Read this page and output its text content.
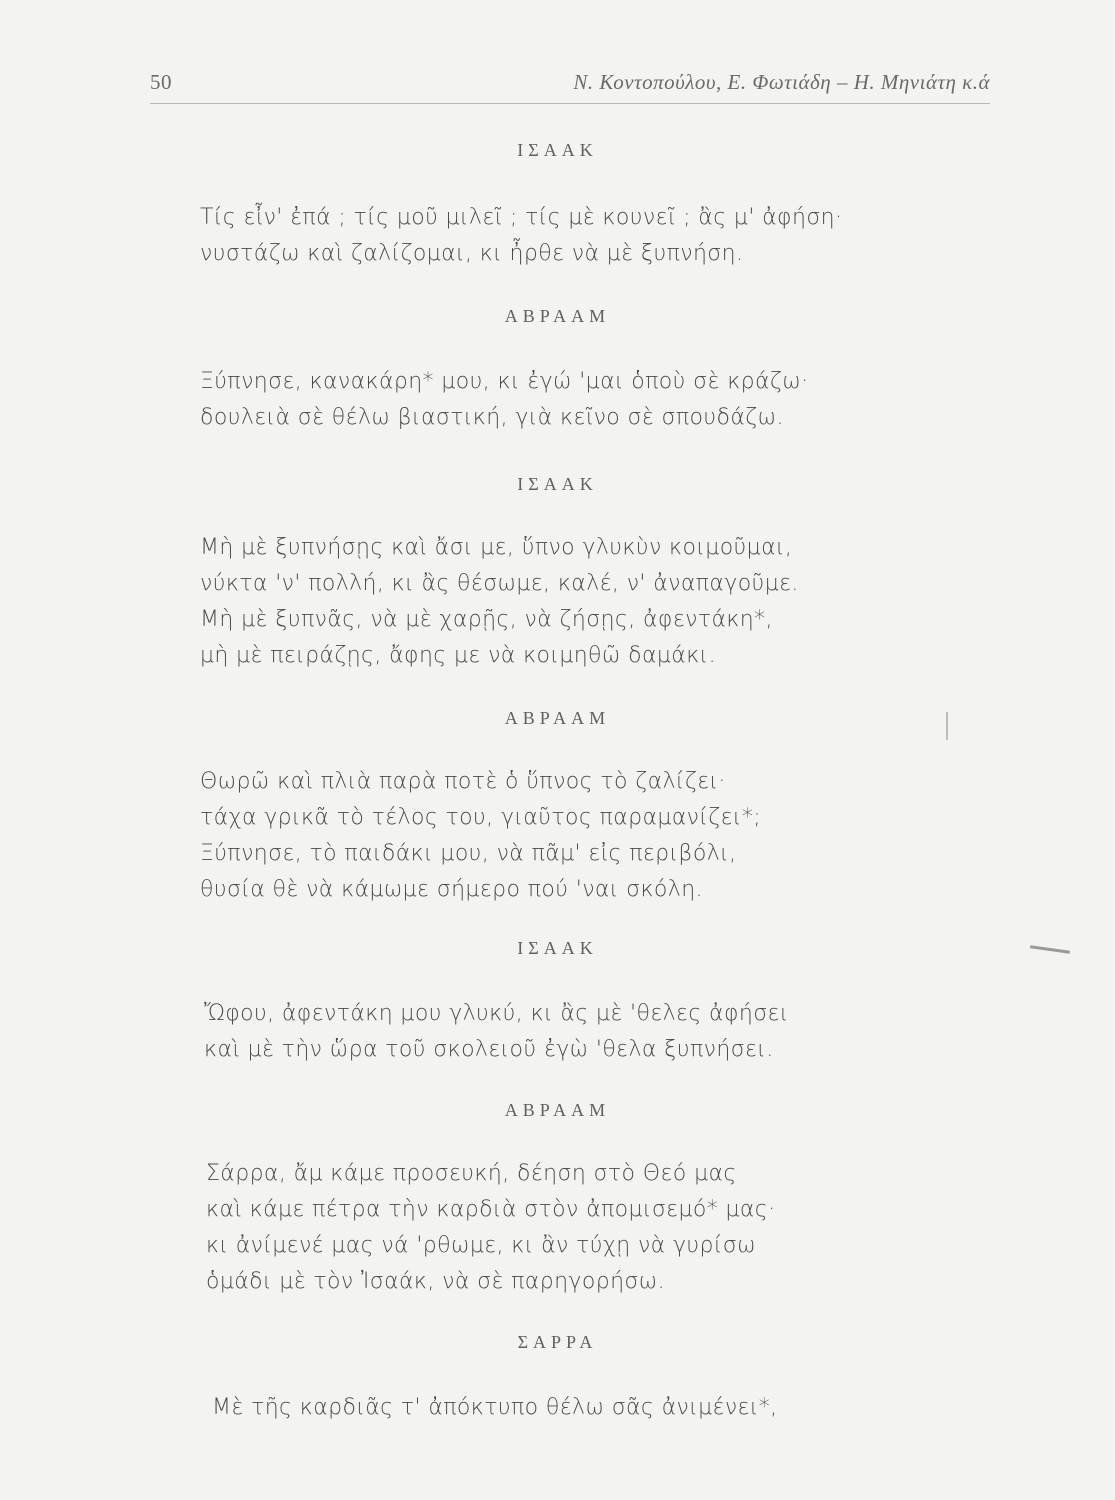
50	Ν. Κοντοπούλου, Ε. Φωτιάδη – Η. Μηνιάτη κ.ά
ΙΣΑΑΚ
Τίς εἶν' ἐπά ; τίς μοῦ μιλεῖ ; τίς μὲ κουνεῖ ; ἂς μ' ἀφήση·
νυστάζω καὶ ζαλίζομαι, κι ἦρθε νὰ μὲ ξυπνήση.
ΑΒΡΑΑΜ
Ξύπνησε, κανακάρη* μου, κι ἐγώ 'μαι ὁποὺ σὲ κράζω·
δουλειὰ σὲ θέλω βιαστική, γιὰ κεῖνο σὲ σπουδάζω.
ΙΣΑΑΚ
Μὴ μὲ ξυπνήσῃς καὶ ἄσι με, ὕπνο γλυκὺν κοιμοῦμαι,
νύκτα 'ν' πολλή, κι ἂς θέσωμε, καλέ, ν' ἀναπαγοῦμε.
Μὴ μὲ ξυπνᾶς, νὰ μὲ χαρῇς, νὰ ζήσῃς, ἀφεντάκη*,
μὴ μὲ πειράζῃς, ἄφης με νὰ κοιμηθῶ δαμάκι.
ΑΒΡΑΑΜ
Θωρῶ καὶ πλιὰ παρὰ ποτὲ ὁ ὕπνος τὸ ζαλίζει·
τάχα γρικᾶ τὸ τέλος του, γιαῦτος παραμανίζει*;
Ξύπνησε, τὸ παιδάκι μου, νὰ πᾶμ' εἰς περιβόλι,
θυσία θὲ νὰ κάμωμε σήμερο πού 'ναι σκόλη.
ΙΣΑΑΚ
Ὤφου, ἀφεντάκη μου γλυκύ, κι ἂς μὲ 'θελες ἀφήσει
καὶ μὲ τὴν ὥρα τοῦ σκολειοῦ ἐγὼ 'θελα ξυπνήσει.
ΑΒΡΑΑΜ
Σάρρα, ἄμ κάμε προσευκή, δέηση στὸ Θεό μας
καὶ κάμε πέτρα τὴν καρδιὰ στὸν ἀπομισεμό* μας·
κι ἀνίμενέ μας νά 'ρθωμε, κι ἂν τύχῃ νὰ γυρίσω
ὁμάδι μὲ τὸν Ἰσαάκ, νὰ σὲ παρηγορήσω.
ΣΑΡΡΑ
Μὲ τῆς καρδιᾶς τ' ἀπόκτυπο θέλω σᾶς ἀνιμένει*,
